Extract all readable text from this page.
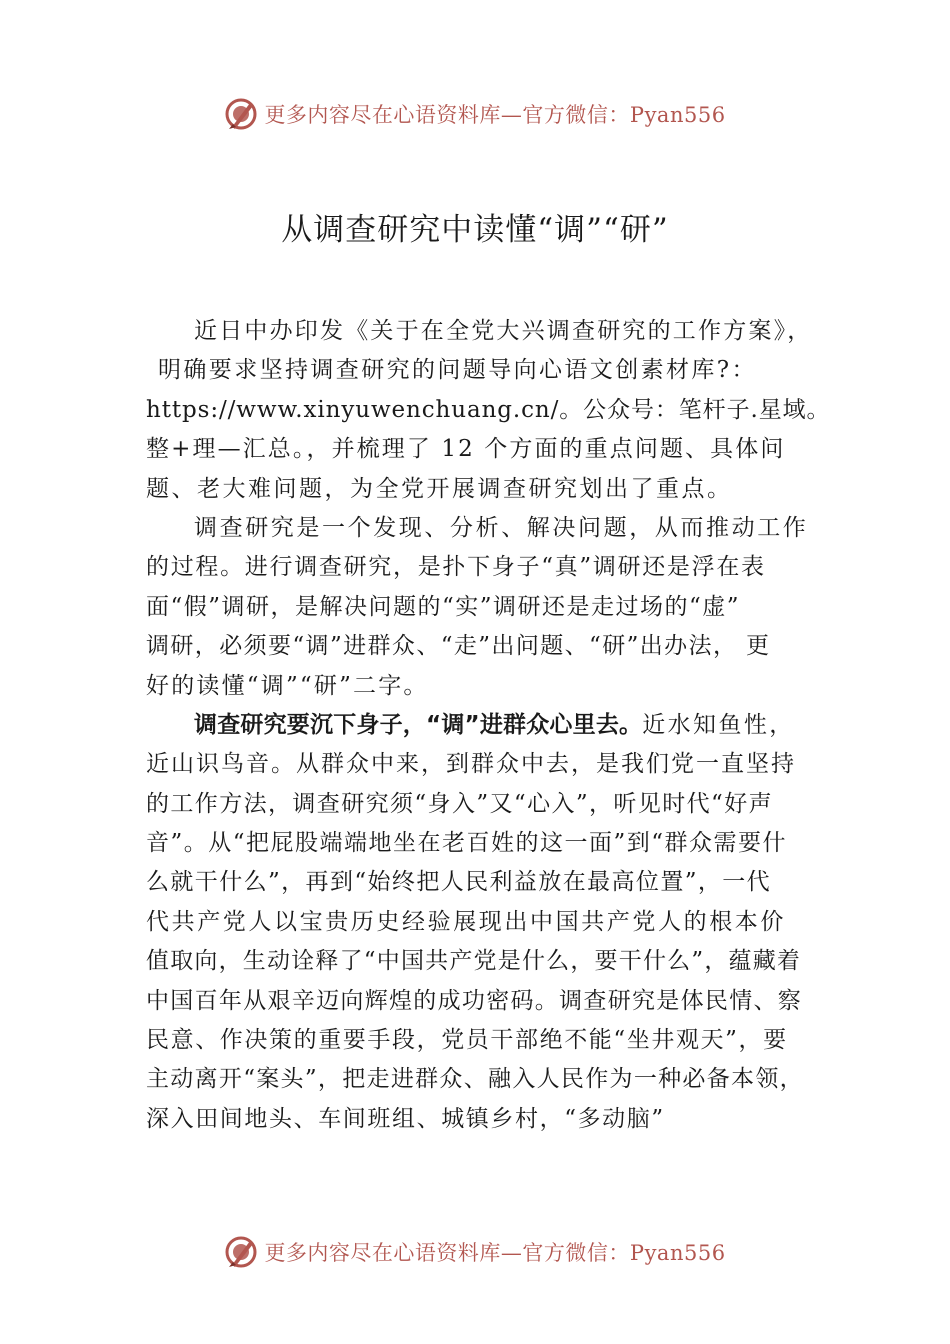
更多内容尽在心语资料库—官方微信：Pyan556
从调查研究中读懂“调”“研”

近日中办印发《关于在全党大兴调查研究的工作方案》，

明确要求坚持调查研究的问题导向心语文创素材库?：

https://www.xinyuwenchuang.cn/。公众号：笔杆子.星域。

整+理—汇总。，并梳理了 12 个方面的重点问题、具体问

题、老大难问题，为全党开展调查研究划出了重点。

调查研究是一个发现、分析、解决问题，从而推动工作

的过程。进行调查研究，是扑下身子“真”调研还是浮在表

面“假”调研，是解决问题的“实”调研还是走过场的“虚”

调研，必须要“调”进群众、“走”出问题、“研”出办法， 更

好的读懂“调”“研”二字。

调查研究要沉下身子，“调”进群众心里去。近水知鱼性，

近山识鸟音。从群众中来，到群众中去，是我们党一直坚持

的工作方法，调查研究须“身入”又“心入”，听见时代“好声

音”。从“把屁股端端地坐在老百姓的这一面”到“群众需要什

么就干什么”，再到“始终把人民利益放在最高位置”，一代

代共产党人以宝贵历史经验展现出中国共产党人的根本价

值取向，生动诠释了“中国共产党是什么，要干什么”，蕴藏着

中国百年从艰辛迈向辉煌的成功密码。调查研究是体民情、察

民意、作决策的重要手段，党员干部绝不能“坐井观天”，要

主动离开“案头”，把走进群众、融入人民作为一种必备本领，

深入田间地头、车间班组、城镇乡村，“多动脑”

更多内容尽在心语资料库—官方微信：Pyan556
